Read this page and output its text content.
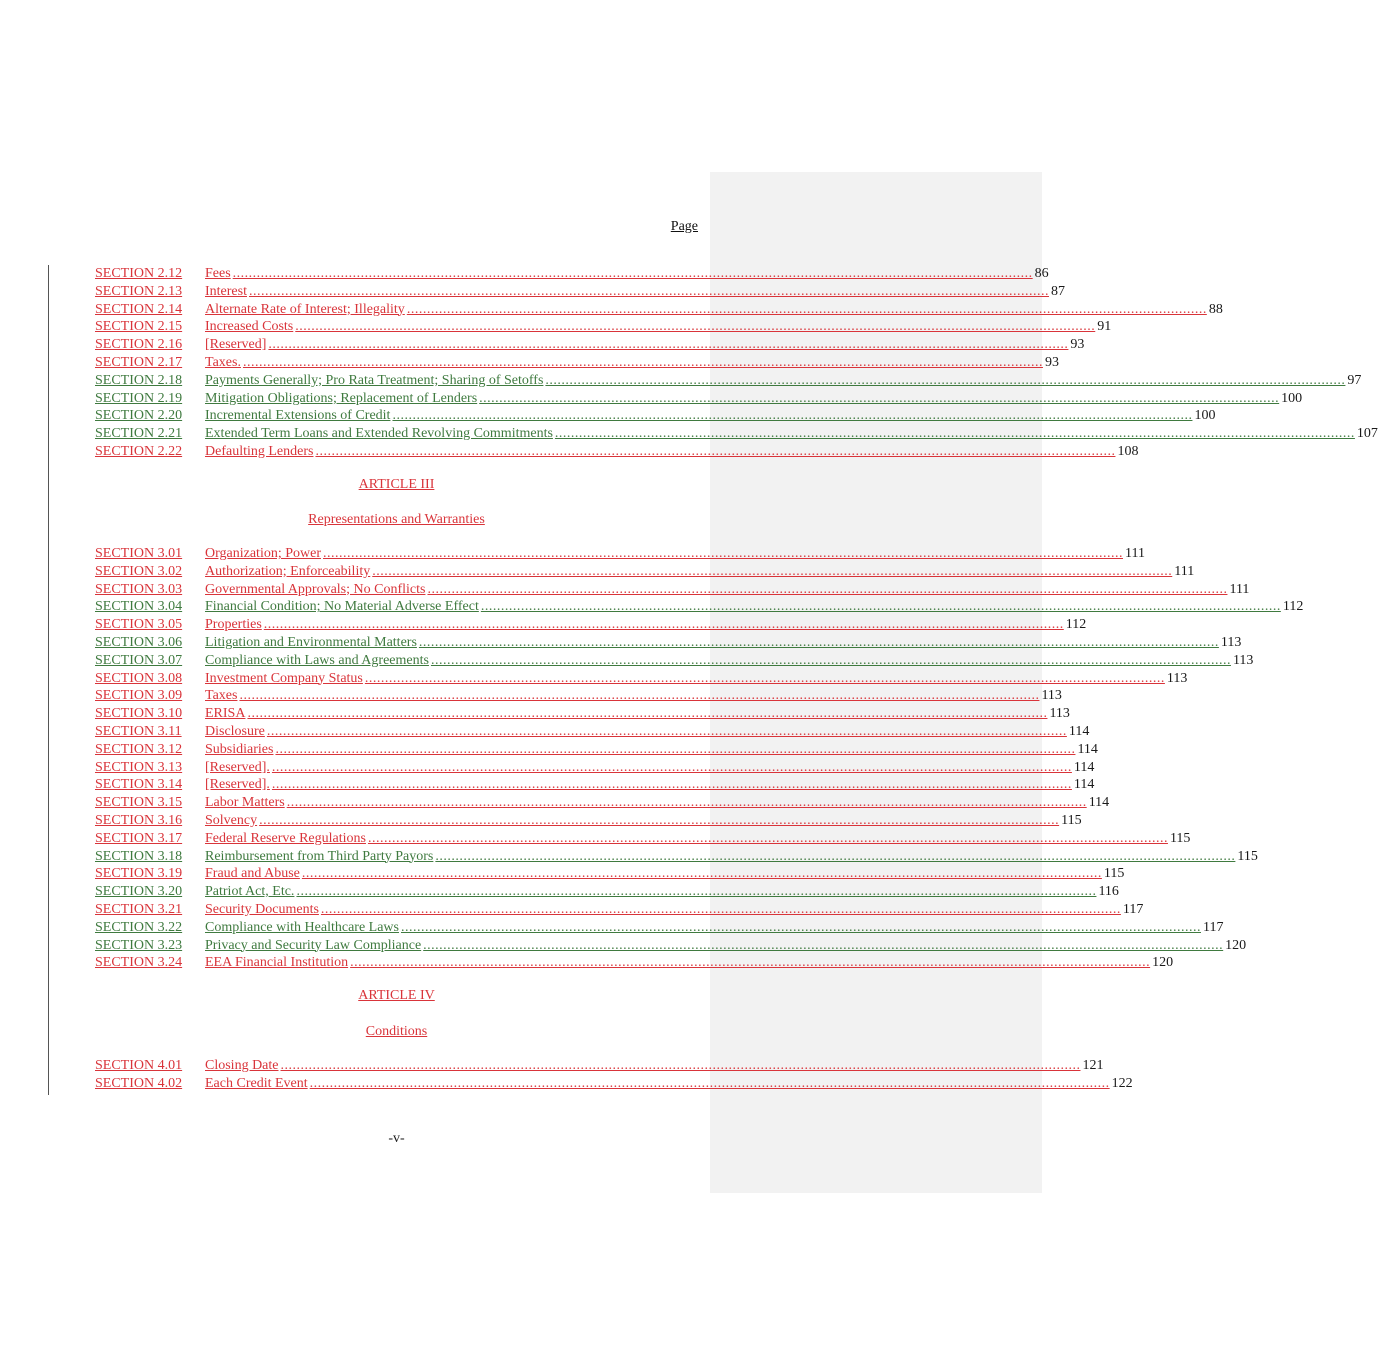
Page
SECTION 2.12	Fees ........................................................................................................................................................................................................ 86
SECTION 2.13	Interest ........................................................................................................................................................................................................ 87
SECTION 2.14	Alternate Rate of Interest; Illegality ........................................................................................................................................................................................................ 88
SECTION 2.15	Increased Costs ........................................................................................................................................................................................................ 91
SECTION 2.16	[Reserved] ........................................................................................................................................................................................................ 93
SECTION 2.17	Taxes. ........................................................................................................................................................................................................ 93
SECTION 2.18	Payments Generally; Pro Rata Treatment; Sharing of Setoffs ........................................................................................................................................................................................................ 97
SECTION 2.19	Mitigation Obligations; Replacement of Lenders ........................................................................................................................................................................................................ 100
SECTION 2.20	Incremental Extensions of Credit ........................................................................................................................................................................................................ 100
SECTION 2.21	Extended Term Loans and Extended Revolving Commitments ........................................................................................................................................................................................................ 107
SECTION 2.22	Defaulting Lenders ........................................................................................................................................................................................................ 108
ARTICLE III
Representations and Warranties
SECTION 3.01	Organization; Power ........................................................................................................................................................................................................ 111
SECTION 3.02	Authorization; Enforceability ........................................................................................................................................................................................................ 111
SECTION 3.03	Governmental Approvals; No Conflicts ........................................................................................................................................................................................................ 111
SECTION 3.04	Financial Condition; No Material Adverse Effect ........................................................................................................................................................................................................ 112
SECTION 3.05	Properties ........................................................................................................................................................................................................ 112
SECTION 3.06	Litigation and Environmental Matters ........................................................................................................................................................................................................ 113
SECTION 3.07	Compliance with Laws and Agreements ........................................................................................................................................................................................................ 113
SECTION 3.08	Investment Company Status ........................................................................................................................................................................................................ 113
SECTION 3.09	Taxes ........................................................................................................................................................................................................ 113
SECTION 3.10	ERISA ........................................................................................................................................................................................................ 113
SECTION 3.11	Disclosure ........................................................................................................................................................................................................ 114
SECTION 3.12	Subsidiaries ........................................................................................................................................................................................................ 114
SECTION 3.13	[Reserved]. ........................................................................................................................................................................................................ 114
SECTION 3.14	[Reserved]. ........................................................................................................................................................................................................ 114
SECTION 3.15	Labor Matters ........................................................................................................................................................................................................ 114
SECTION 3.16	Solvency ........................................................................................................................................................................................................ 115
SECTION 3.17	Federal Reserve Regulations ........................................................................................................................................................................................................ 115
SECTION 3.18	Reimbursement from Third Party Payors ........................................................................................................................................................................................................ 115
SECTION 3.19	Fraud and Abuse ........................................................................................................................................................................................................ 115
SECTION 3.20	Patriot Act, Etc. ........................................................................................................................................................................................................ 116
SECTION 3.21	Security Documents ........................................................................................................................................................................................................ 117
SECTION 3.22	Compliance with Healthcare Laws ........................................................................................................................................................................................................ 117
SECTION 3.23	Privacy and Security Law Compliance ........................................................................................................................................................................................................ 120
SECTION 3.24	EEA Financial Institution ........................................................................................................................................................................................................ 120
ARTICLE IV
Conditions
SECTION 4.01	Closing Date ........................................................................................................................................................................................................ 121
SECTION 4.02	Each Credit Event ........................................................................................................................................................................................................ 122
-v-
